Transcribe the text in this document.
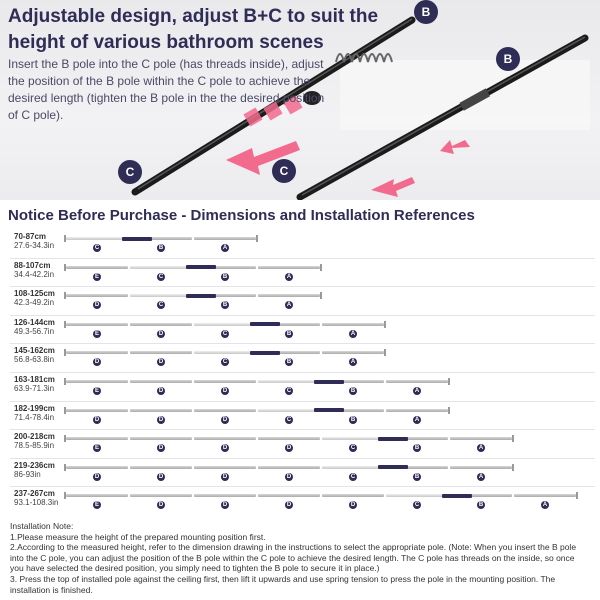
Adjustable design, adjust B+C to suit the height of various bathroom scenes
Insert the B pole into the C pole (has threads inside), adjust the position of the B pole within the C pole to achieve the desired length (tighten the B pole in the the desired position of C pole).
B
B
C	C
Notice Before Purchase - Dimensions and Installation References
70-87cm
27.6-34.3in	C	B	A
88-107cm
34.4-42.2in	E	C	B	A
108-125cm
42.3-49.2in	D	C	B	A
126-144cm
49.3-56.7in	E	D	C	B	A
145-162cm
56.8-63.8in	D	D	C	B	A
163-181cm
63.9-71.3in	E	D	D	C	B	A
182-199cm
71.4-78.4in	D	D	D	C	B	A
200-218cm
78.5-85.9in	E	D	D	D	C	B	A
219-236cm
86-93in	D	D	D	D	C	B	A
237-267cm
93.1-108.3in	E	D	D	D	D	C	B	A

Installation Note:

1.Please measure the height of the prepared mounting position first.

2.According to the measured height, refer to the dimension drawing in the instructions to select the appropriate pole. (Note: When you insert the B pole into the C pole, you can adjust the position of the B pole within the C pole to achieve the desired length. The C pole has threads on the inside, so once you have selected the desired position, you simply need to tighten the B pole to secure it in place.)

3. Press the top of installed pole against the ceiling first, then lift it upwards and use spring tension to press the pole in the mounting position. The installation is finished.
